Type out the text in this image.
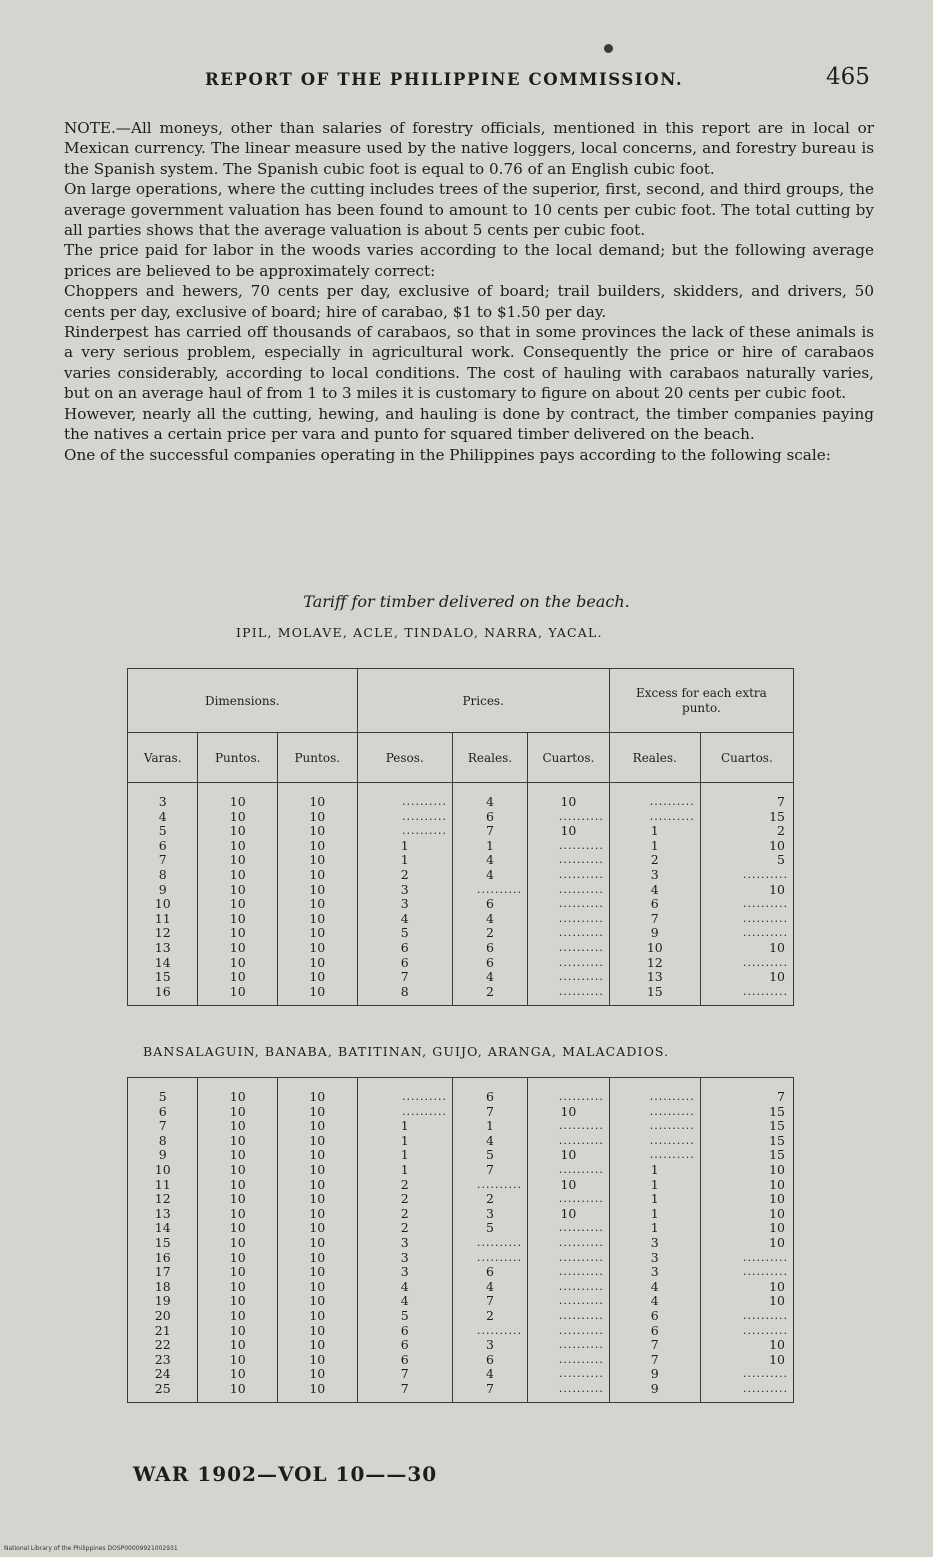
REPORT OF THE PHILIPPINE COMMISSION.	465

NOTE.—All moneys, other than salaries of forestry officials, mentioned in this report are in local or Mexican currency. The linear measure used by the native loggers, local concerns, and forestry bureau is the Spanish system. The Spanish cubic foot is equal to 0.76 of an English cubic foot.

On large operations, where the cutting includes trees of the superior, first, second, and third groups, the average government valuation has been found to amount to 10 cents per cubic foot. The total cutting by all parties shows that the average valuation is about 5 cents per cubic foot.

The price paid for labor in the woods varies according to the local demand; but the following average prices are believed to be approximately correct:

Choppers and hewers, 70 cents per day, exclusive of board; trail builders, skidders, and drivers, 50 cents per day, exclusive of board; hire of carabao, $1 to $1.50 per day.

Rinderpest has carried off thousands of carabaos, so that in some provinces the lack of these animals is a very serious problem, especially in agricultural work. Consequently the price or hire of carabaos varies considerably, according to local conditions. The cost of hauling with carabaos naturally varies, but on an average haul of from 1 to 3 miles it is customary to figure on about 20 cents per cubic foot.

However, nearly all the cutting, hewing, and hauling is done by contract, the timber companies paying the natives a certain price per vara and punto for squared timber delivered on the beach.

One of the successful companies operating in the Philippines pays according to the following scale:

Tariff for timber delivered on the beach.
IPIL, MOLAVE, ACLE, TINDALO, NARRA, YACAL.
Dimensions.			Prices.			Excess for each extra punto.	
Varas.	Puntos.	Puntos.	Pesos.	Reales.	Cuartos.	Reales.	Cuartos.
3	10	10	..........	4	10	..........	7
4	10	10	..........	6	..........	..........	15
5	10	10	..........	7	10	1	2
6	10	10	1	1	..........	1	10
7	10	10	1	4	..........	2	5
8	10	10	2	4	..........	3	..........
9	10	10	3	..........	..........	4	10
10	10	10	3	6	..........	6	..........
11	10	10	4	4	..........	7	..........
12	10	10	5	2	..........	9	..........
13	10	10	6	6	..........	10	10
14	10	10	6	6	..........	12	..........
15	10	10	7	4	..........	13	10
16	10	10	8	2	..........	15	..........
BANSALAGUIN, BANABA, BATITINAN, GUIJO, ARANGA, MALACADIOS.
5	10	10	..........	6	..........	..........	7
6	10	10	..........	7	10	..........	15
7	10	10	1	1	..........	..........	15
8	10	10	1	4	..........	..........	15
9	10	10	1	5	10	..........	15
10	10	10	1	7	..........	1	10
11	10	10	2	..........	10	1	10
12	10	10	2	2	..........	1	10
13	10	10	2	3	10	1	10
14	10	10	2	5	..........	1	10
15	10	10	3	..........	..........	3	10
16	10	10	3	..........	..........	3	..........
17	10	10	3	6	..........	3	..........
18	10	10	4	4	..........	4	10
19	10	10	4	7	..........	4	10
20	10	10	5	2	..........	6	..........
21	10	10	6	..........	..........	6	..........
22	10	10	6	3	..........	7	10
23	10	10	6	6	..........	7	10
24	10	10	7	4	..........	9	..........
25	10	10	7	7	..........	9	..........
WAR 1902—VOL 10——30
National Library of the Philippines DOSP00009921002931
